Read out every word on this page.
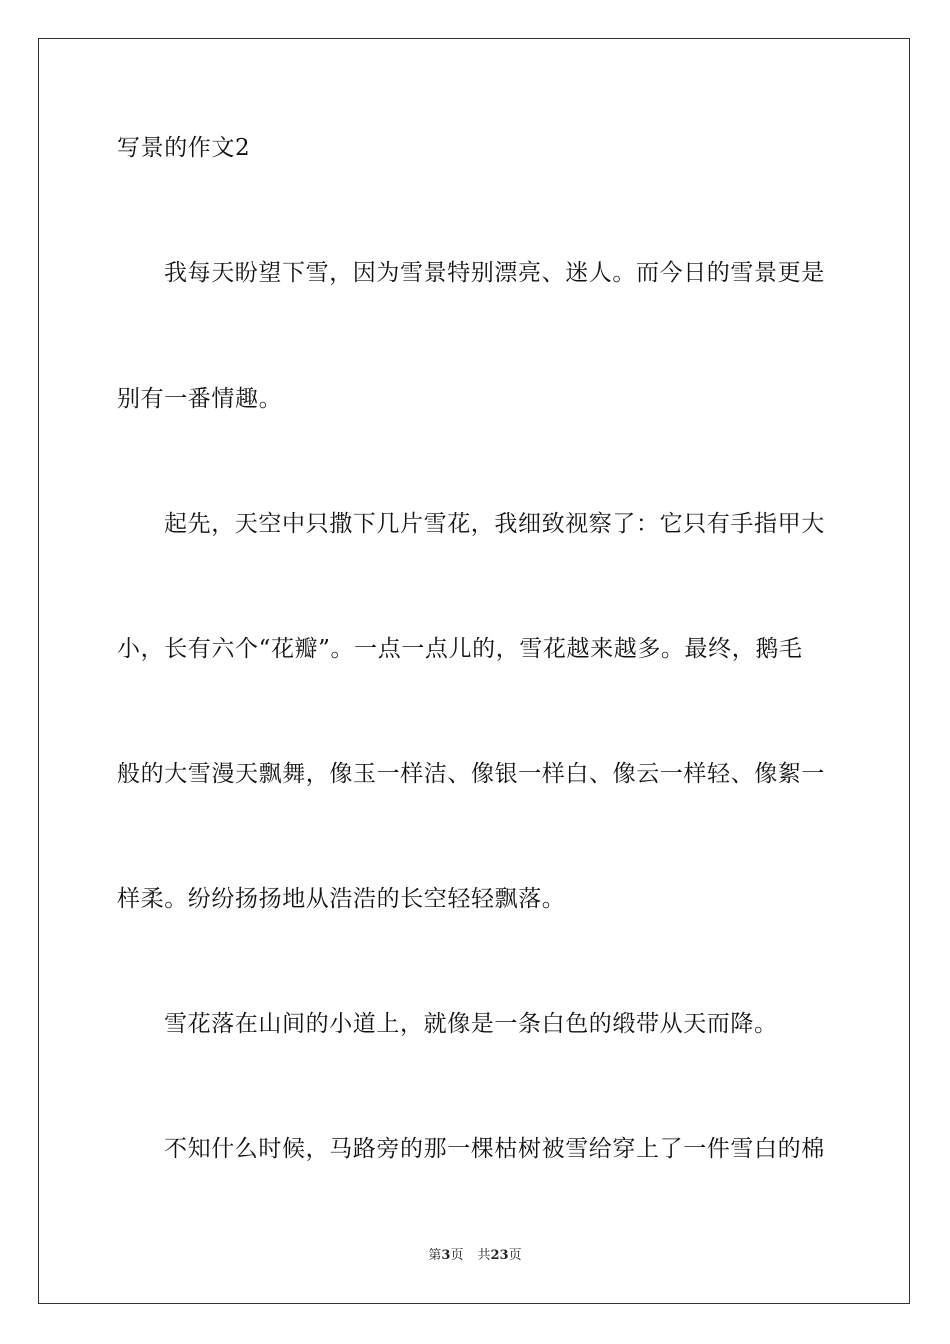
写景的作文2
我每天盼望下雪，因为雪景特别漂亮、迷人。而今日的雪景更是
别有一番情趣。
起先，天空中只撒下几片雪花，我细致视察了：它只有手指甲大
小，长有六个“花瓣”。一点一点儿的，雪花越来越多。最终，鹅毛
般的大雪漫天飘舞，像玉一样洁、像银一样白、像云一样轻、像絮一
样柔。纷纷扬扬地从浩浩的长空轻轻飘落。
雪花落在山间的小道上，就像是一条白色的缎带从天而降。
不知什么时候，马路旁的那一棵枯树被雪给穿上了一件雪白的棉
第3页 共23页
